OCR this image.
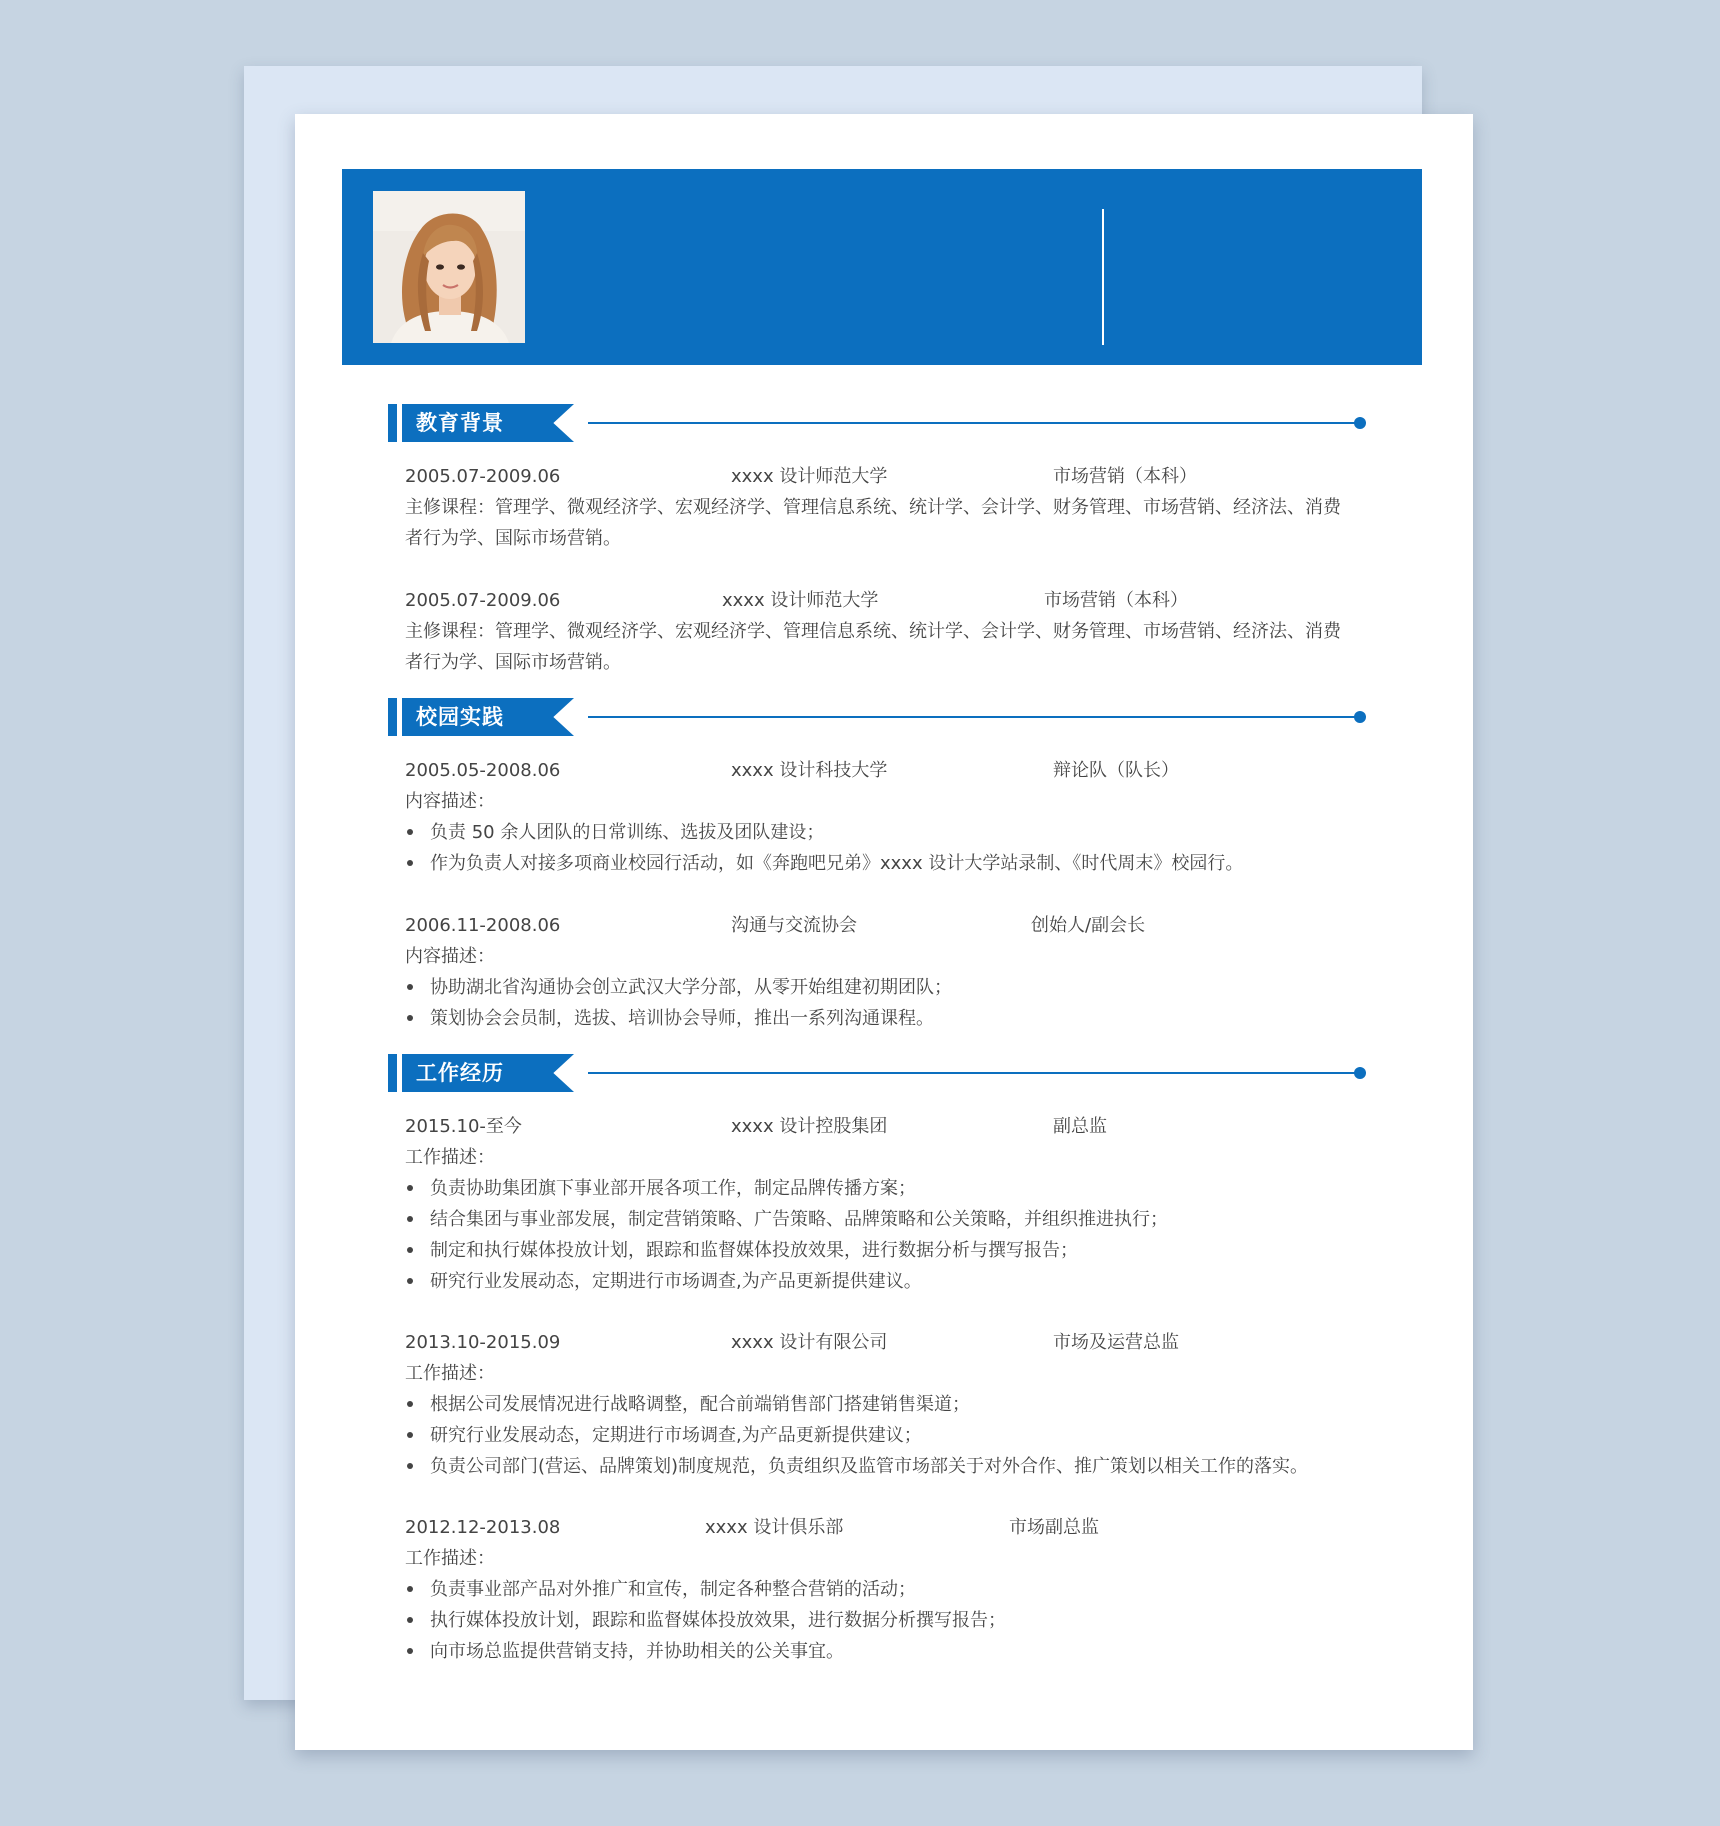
教育背景
2005.07-2009.06	xxxx 设计师范大学	市场营销（本科）
主修课程：管理学、微观经济学、宏观经济学、管理信息系统、统计学、会计学、财务管理、市场营销、经济法、消费者行为学、国际市场营销。
2005.07-2009.06	xxxx 设计师范大学	市场营销（本科）
主修课程：管理学、微观经济学、宏观经济学、管理信息系统、统计学、会计学、财务管理、市场营销、经济法、消费者行为学、国际市场营销。
校园实践
2005.05-2008.06	xxxx 设计科技大学	辩论队（队长）
内容描述：
负责 50 余人团队的日常训练、选拔及团队建设；
作为负责人对接多项商业校园行活动，如《奔跑吧兄弟》xxxx 设计大学站录制、《时代周末》校园行。
2006.11-2008.06	沟通与交流协会	创始人/副会长
内容描述：
协助湖北省沟通协会创立武汉大学分部，从零开始组建初期团队；
策划协会会员制，选拔、培训协会导师，推出一系列沟通课程。
工作经历
2015.10-至今	xxxx 设计控股集团	副总监
工作描述：
负责协助集团旗下事业部开展各项工作，制定品牌传播方案；
结合集团与事业部发展，制定营销策略、广告策略、品牌策略和公关策略，并组织推进执行；
制定和执行媒体投放计划，跟踪和监督媒体投放效果，进行数据分析与撰写报告；
研究行业发展动态，定期进行市场调查,为产品更新提供建议。
2013.10-2015.09	xxxx 设计有限公司	市场及运营总监
工作描述：
根据公司发展情况进行战略调整，配合前端销售部门搭建销售渠道；
研究行业发展动态，定期进行市场调查,为产品更新提供建议；
负责公司部门(营运、品牌策划)制度规范，负责组织及监管市场部关于对外合作、推广策划以相关工作的落实。
2012.12-2013.08	xxxx 设计俱乐部	市场副总监
工作描述：
负责事业部产品对外推广和宣传，制定各种整合营销的活动；
执行媒体投放计划，跟踪和监督媒体投放效果，进行数据分析撰写报告；
向市场总监提供营销支持，并协助相关的公关事宜。
